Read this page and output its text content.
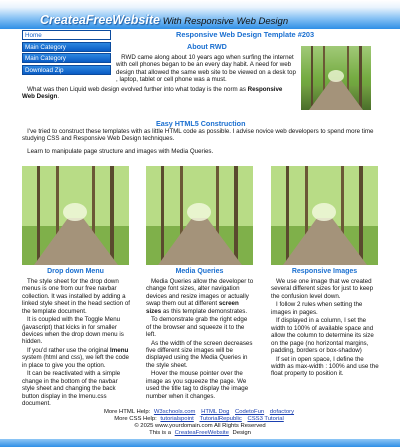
CreateaFreeWebsite With Responsive Web Design
Home
Main Category
Main Category
Download Zip
Responsive Web Design Template #203
About RWD
RWD came along about 10 years ago when surfing the internet with cell phones began to be an every day habit. A need for web design that allowed the same web site to be viewed on a desk top , laptop, tablet or cell phone was a must.
What was then Liquid web design evolved further into what today is the norm as Responsive Web Design.
Easy HTML5 Construction
I've tried to construct these templates with as little HTML code as possible. I advise novice web developers to spend more time studying CSS and Responsive Web Design techniques.
Learn to manipulate page structure and images with Media Queries.
Drop down Menu
The style sheet for the drop down menus is one from our free navbar collection. It was installed by adding a linked style sheet in the head section of the template document.
It is coupled with the Toggle Menu (javascript) that kicks in for smaller devices when the drop down menu is hidden.
If you'd rather use the original lmenu system (html and css), we left the code in place to give you the option.
It can be reactivated with a simple change in the bottom of the navbar style sheet and changing the back button display in the lmenu.css document.
Media Queries
Media Queries allow the developer to change font sizes, alter navigation devices and resize images or actually swap them out at different screen sizes as this template demonstrates.
To demonstrate grab the right edge of the browser and squeeze it to the left.
As the width of the screen decreases five different size images will be displayed using the Media Queries in the style sheet.
Hover the mouse pointer over the image as you squeeze the page. We used the title tag to display the image number when it changes.
Responsive Images
We use one image that we created several different sizes for just to keep the confusion level down.
I follow 2 rules when setting the images in pages.
If displayed in a column, I set the width to 100% of available space and allow the column to determine its size on the page (no horizontal margins, padding, borders or box-shadow)
If set in open space, I define the width as max-width : 100% and use the float property to position it.
More HTML Help: W3schools.com HTML Dog CodetoFun dofactory
More CSS Help: tutorialspoint TutorialRepublic CSS3 Tutorial
© 2025 www.yourdomain.com All Rights Reserved
This is a CreateaFreeWebsite Design
